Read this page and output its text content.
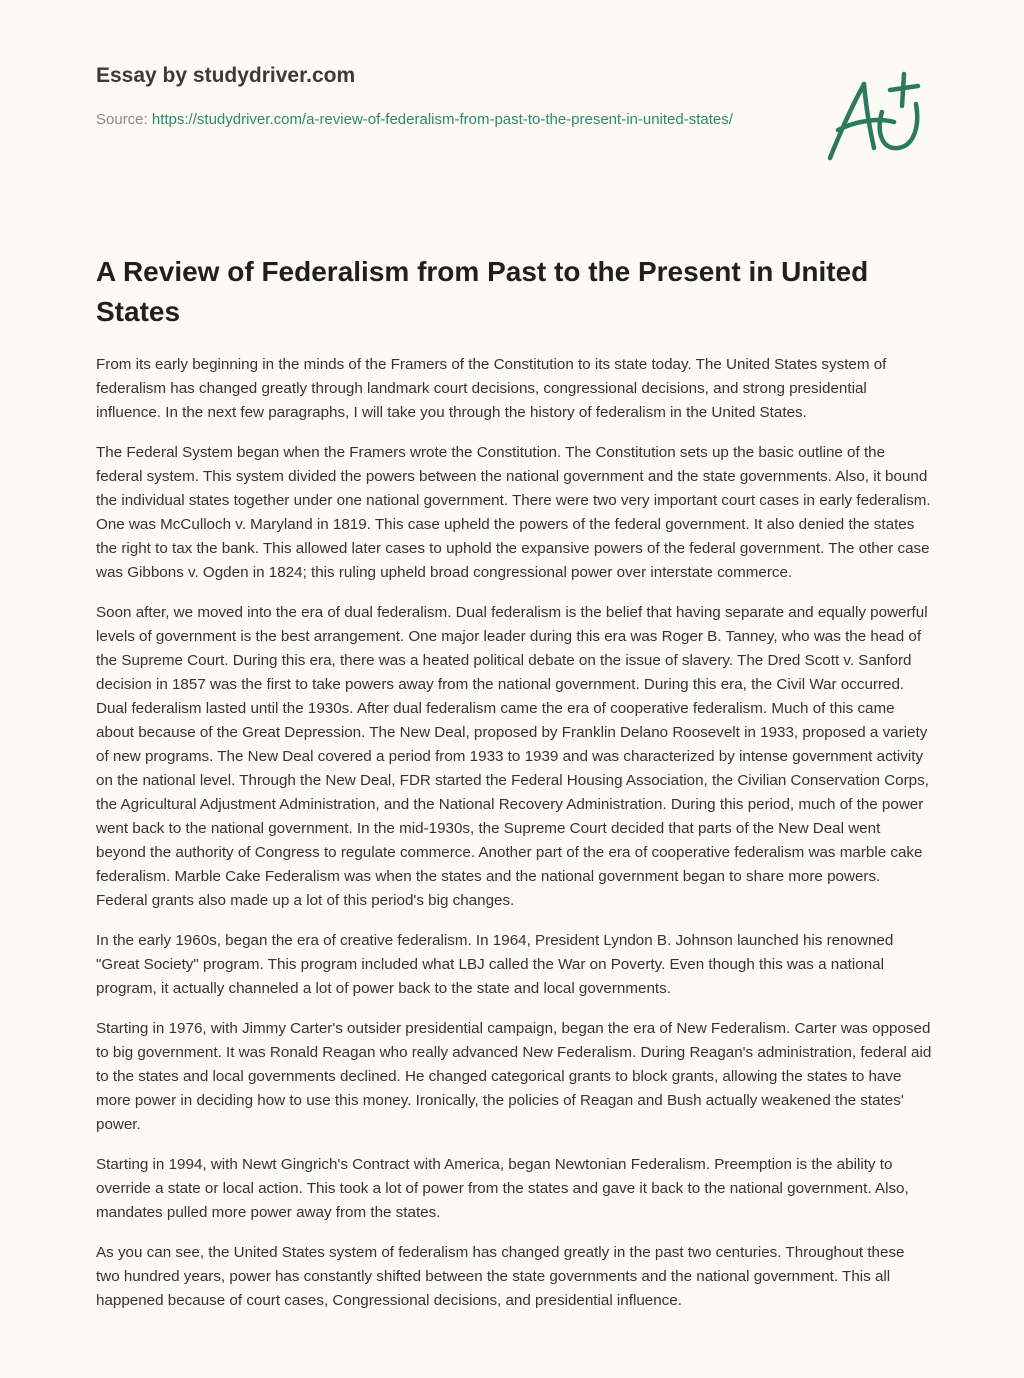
Essay by studydriver.com
Source: https://studydriver.com/a-review-of-federalism-from-past-to-the-present-in-united-states/
A Review of Federalism from Past to the Present in United States

From its early beginning in the minds of the Framers of the Constitution to its state today. The United States system of federalism has changed greatly through landmark court decisions, congressional decisions, and strong presidential influence. In the next few paragraphs, I will take you through the history of federalism in the United States.

The Federal System began when the Framers wrote the Constitution. The Constitution sets up the basic outline of the federal system. This system divided the powers between the national government and the state governments. Also, it bound the individual states together under one national government. There were two very important court cases in early federalism. One was McCulloch v. Maryland in 1819. This case upheld the powers of the federal government. It also denied the states the right to tax the bank. This allowed later cases to uphold the expansive powers of the federal government. The other case was Gibbons v. Ogden in 1824; this ruling upheld broad congressional power over interstate commerce.

Soon after, we moved into the era of dual federalism. Dual federalism is the belief that having separate and equally powerful levels of government is the best arrangement. One major leader during this era was Roger B. Tanney, who was the head of the Supreme Court. During this era, there was a heated political debate on the issue of slavery. The Dred Scott v. Sanford decision in 1857 was the first to take powers away from the national government. During this era, the Civil War occurred. Dual federalism lasted until the 1930s. After dual federalism came the era of cooperative federalism. Much of this came about because of the Great Depression. The New Deal, proposed by Franklin Delano Roosevelt in 1933, proposed a variety of new programs. The New Deal covered a period from 1933 to 1939 and was characterized by intense government activity on the national level. Through the New Deal, FDR started the Federal Housing Association, the Civilian Conservation Corps, the Agricultural Adjustment Administration, and the National Recovery Administration. During this period, much of the power went back to the national government. In the mid-1930s, the Supreme Court decided that parts of the New Deal went beyond the authority of Congress to regulate commerce. Another part of the era of cooperative federalism was marble cake federalism. Marble Cake Federalism was when the states and the national government began to share more powers. Federal grants also made up a lot of this period's big changes.

In the early 1960s, began the era of creative federalism. In 1964, President Lyndon B. Johnson launched his renowned "Great Society" program. This program included what LBJ called the War on Poverty. Even though this was a national program, it actually channeled a lot of power back to the state and local governments.

Starting in 1976, with Jimmy Carter's outsider presidential campaign, began the era of New Federalism. Carter was opposed to big government. It was Ronald Reagan who really advanced New Federalism. During Reagan's administration, federal aid to the states and local governments declined. He changed categorical grants to block grants, allowing the states to have more power in deciding how to use this money. Ironically, the policies of Reagan and Bush actually weakened the states' power.

Starting in 1994, with Newt Gingrich's Contract with America, began Newtonian Federalism. Preemption is the ability to override a state or local action. This took a lot of power from the states and gave it back to the national government. Also, mandates pulled more power away from the states.

As you can see, the United States system of federalism has changed greatly in the past two centuries. Throughout these two hundred years, power has constantly shifted between the state governments and the national government. This all happened because of court cases, Congressional decisions, and presidential influence.
